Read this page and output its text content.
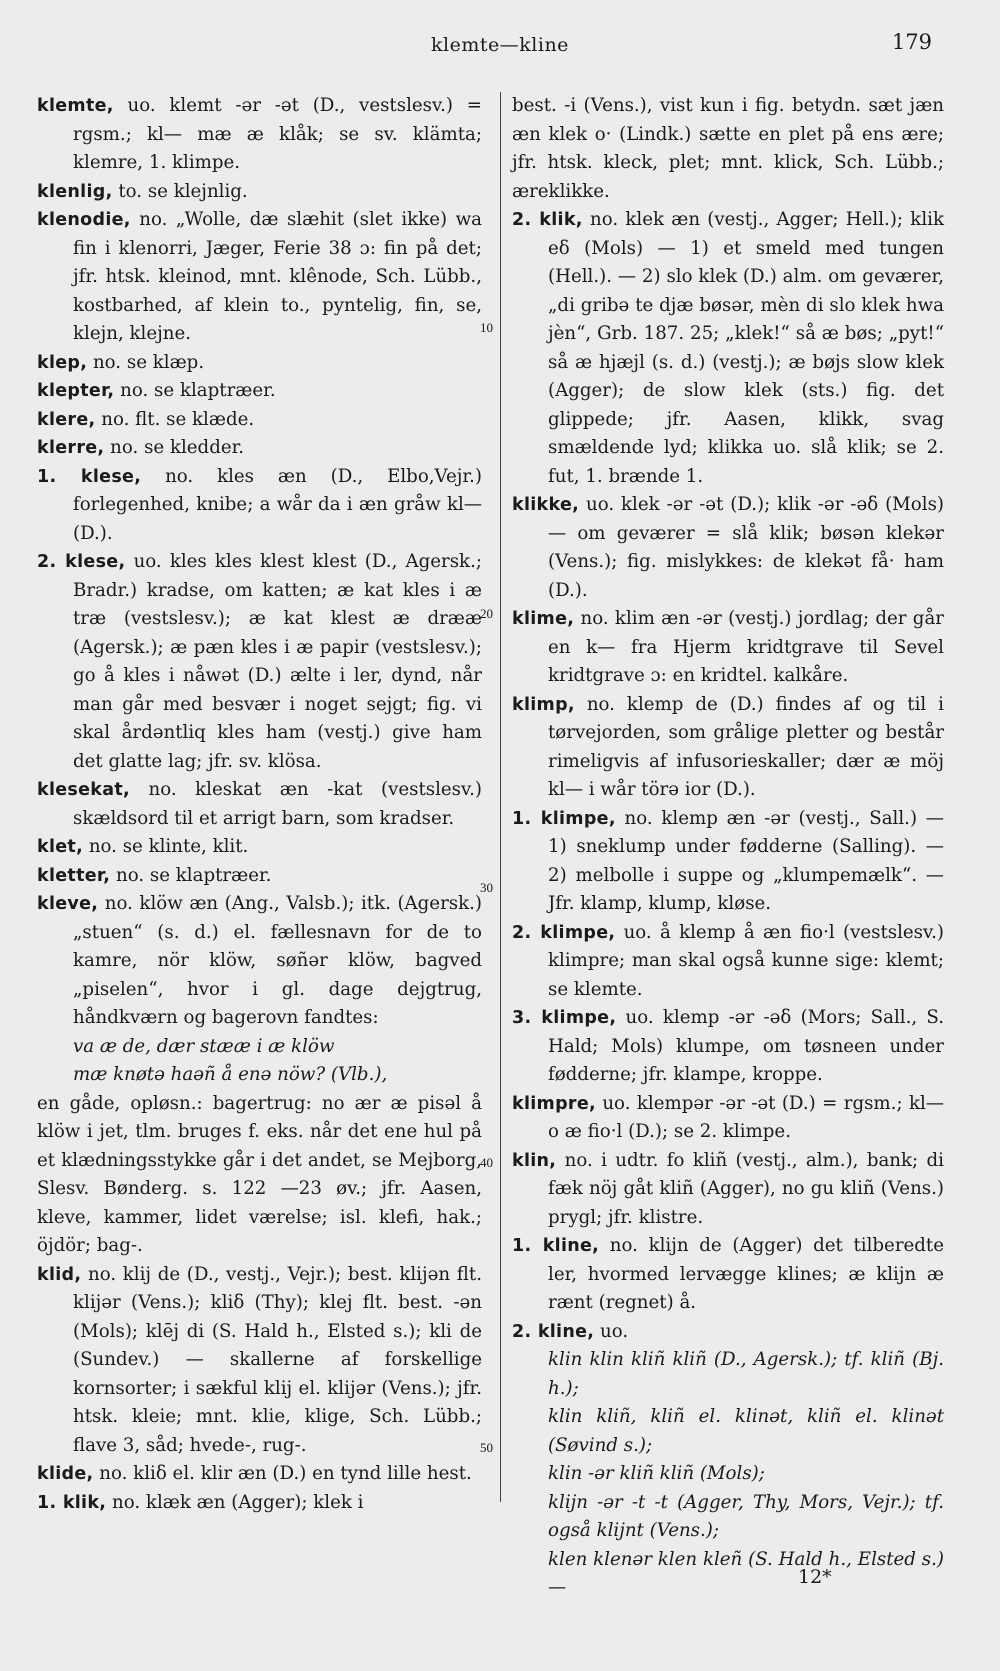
klemte—kline	179
10
20
30
40
50

klemte, uo. klemt -ər -ət (D., vestslesv.) = rgsm.; kl— mæ æ klåk; se sv. klämta; klemre, 1. klimpe.

klenlig, to. se klejnlig.

klenodie, no. „Wolle, dæ slæhit (slet ikke) wa fin i klenorri, Jæger, Ferie 38 ɔ: fin på det; jfr. htsk. kleinod, mnt. klênode, Sch. Lübb., kostbarhed, af klein to., pyntelig, fin, se, klejn, klejne.

klep, no. se klæp.

klepter, no. se klaptræer.

klere, no. flt. se klæde.

klerre, no. se kledder.

1. klese, no. kles æn (D., Elbo,Vejr.) forlegenhed, knibe; a wår da i æn gråw kl— (D.).

2. klese, uo. kles kles klest klest (D., Agersk.; Bradr.) kradse, om katten; æ kat kles i æ træ (vestslesv.); æ kat klest æ drææ (Agersk.); æ pæn kles i æ papir (vestslesv.); go å kles i nåwət (D.) ælte i ler, dynd, når man går med besvær i noget sejgt; fig. vi skal årdəntliq kles ham (vestj.) give ham det glatte lag; jfr. sv. klösa.

klesekat, no. kleskat æn -kat (vestslesv.) skældsord til et arrigt barn, som kradser.

klet, no. se klinte, klit.

kletter, no. se klaptræer.

kleve, no. klöw æn (Ang., Valsb.); itk. (Agersk.) „stuen“ (s. d.) el. fællesnavn for de to kamre, nör klöw, søñər klöw, bagved „piselen“, hvor i gl. dage dejgtrug, håndkværn og bagerovn fandtes:

va æ de, dær stææ i æ klöw

mæ knøtə haəñ å enə nöw? (Vlb.),

en gåde, opløsn.: bagertrug: no ær æ pisəl å klöw i jet, tlm. bruges f. eks. når det ene hul på et klædningsstykke går i det andet, se Mejborg, Slesv. Bønderg. s. 122 —23 øv.; jfr. Aasen, kleve, kammer, lidet værelse; isl. klefi, hak.; öjdör; bag-.

klid, no. klij de (D., vestj., Vejr.); best. klijən flt. klijər (Vens.); kliδ (Thy); klej flt. best. -ən (Mols); klēj di (S. Hald h., Elsted s.); kli de (Sundev.) — skallerne af forskellige kornsorter; i sækful klij el. klijər (Vens.); jfr. htsk. kleie; mnt. klie, klige, Sch. Lübb.; flave 3, såd; hvede-, rug-.

klide, no. kliδ el. klir æn (D.) en tynd lille hest.

1. klik, no. klæk æn (Agger); klek i

best. -i (Vens.), vist kun i fig. betydn. sæt jæn æn klek o· (Lindk.) sætte en plet på ens ære; jfr. htsk. kleck, plet; mnt. klick, Sch. Lübb.; æreklikke.

2. klik, no. klek æn (vestj., Agger; Hell.); klik eδ (Mols) — 1) et smeld med tungen (Hell.). — 2) slo klek (D.) alm. om geværer, „di gribə te djæ bøsər, mèn di slo klek hwa jèn“, Grb. 187. 25; „klek!“ så æ bøs; „pyt!“ så æ hjæjl (s. d.) (vestj.); æ bøjs slow klek (Agger); de slow klek (sts.) fig. det glippede; jfr. Aasen, klikk, svag smældende lyd; klikka uo. slå klik; se 2. fut, 1. brænde 1.

klikke, uo. klek -ər -ət (D.); klik -ər -əδ (Mols) — om geværer = slå klik; bøsən klekər (Vens.); fig. mislykkes: de klekət få· ham (D.).

klime, no. klim æn -ər (vestj.) jordlag; der går en k— fra Hjerm kridtgrave til Sevel kridtgrave ɔ: en kridtel. kalkåre.

klimp, no. klemp de (D.) findes af og til i tørvejorden, som grålige pletter og består rimeligvis af infusorieskaller; dær æ möj kl— i wår törə ior (D.).

1. klimpe, no. klemp æn -ər (vestj., Sall.) — 1) sneklump under fødderne (Salling). — 2) melbolle i suppe og „klumpemælk“. — Jfr. klamp, klump, kløse.

2. klimpe, uo. å klemp å æn fio·l (vestslesv.) klimpre; man skal også kunne sige: klemt; se klemte.

3. klimpe, uo. klemp -ər -əδ (Mors; Sall., S. Hald; Mols) klumpe, om tøsneen under fødderne; jfr. klampe, kroppe.

klimpre, uo. klempər -ər -ət (D.) = rgsm.; kl— o æ fio·l (D.); se 2. klimpe.

klin, no. i udtr. fo kliñ (vestj., alm.), bank; di fæk nöj gåt kliñ (Agger), no gu kliñ (Vens.) prygl; jfr. klistre.

1. kline, no. klijn de (Agger) det tilberedte ler, hvormed lervægge klines; æ klijn æ rænt (regnet) å.

2. kline, uo.

klin klin kliñ kliñ (D., Agersk.); tf. kliñ (Bj. h.);

klin kliñ, kliñ el. klinət, kliñ el. klinət (Søvind s.);

klin -ər kliñ kliñ (Mols);

klijn -ər -t -t (Agger, Thy, Mors, Vejr.); tf. også klijnt (Vens.);

klen klenər klen kleñ (S. Hald h., Elsted s.) —	12*
